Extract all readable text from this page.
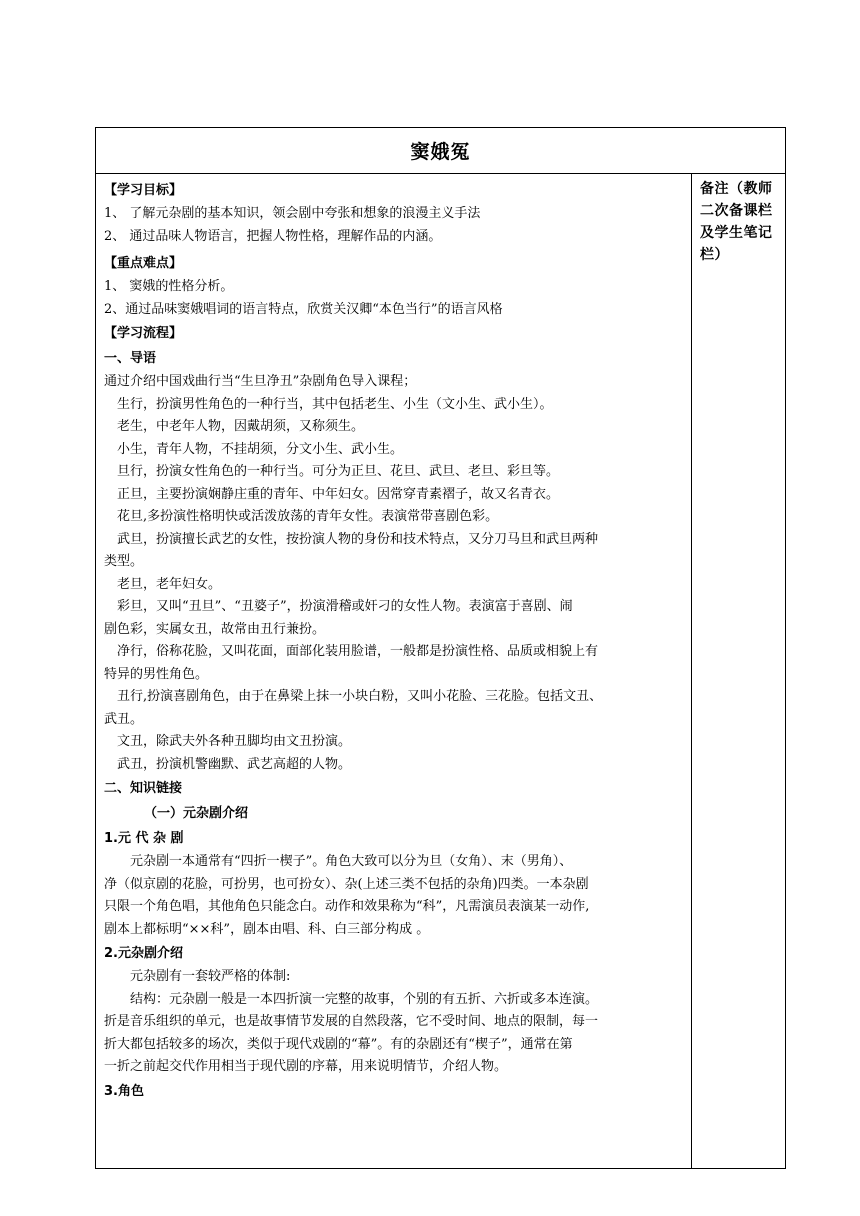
窦娥冤

【学习目标】

1、 了解元杂剧的基本知识，领会剧中夸张和想象的浪漫主义手法

2、 通过品味人物语言，把握人物性格，理解作品的内涵。

【重点难点】

1、 窦娥的性格分析。

2、通过品味窦娥唱词的语言特点，欣赏关汉卿“本色当行”的语言风格

【学习流程】

一、导语

通过介绍中国戏曲行当“生旦净丑”杂剧角色导入课程；

生行，扮演男性角色的一种行当，其中包括老生、小生（文小生、武小生）。

老生，中老年人物，因戴胡须，又称须生。

小生，青年人物，不挂胡须，分文小生、武小生。

旦行，扮演女性角色的一种行当。可分为正旦、花旦、武旦、老旦、彩旦等。

正旦，主要扮演娴静庄重的青年、中年妇女。因常穿青素褶子，故又名青衣。

花旦,多扮演性格明快或活泼放荡的青年女性。表演常带喜剧色彩。

武旦，扮演擅长武艺的女性，按扮演人物的身份和技术特点，又分刀马旦和武旦两种

类型。

老旦，老年妇女。

彩旦，又叫“丑旦”、“丑婆子”，扮演滑稽或奸刁的女性人物。表演富于喜剧、闹

剧色彩，实属女丑，故常由丑行兼扮。

净行，俗称花脸，又叫花面，面部化装用脸谱，一般都是扮演性格、品质或相貌上有

特异的男性角色。

丑行,扮演喜剧角色，由于在鼻梁上抹一小块白粉，又叫小花脸、三花脸。包括文丑、

武丑。

文丑，除武夫外各种丑脚均由文丑扮演。

武丑，扮演机警幽默、武艺高超的人物。

二、知识链接

（一）元杂剧介绍

1.元 代 杂 剧

元杂剧一本通常有“四折一楔子”。角色大致可以分为旦（女角）、末（男角）、

净（似京剧的花脸，可扮男，也可扮女）、杂(上述三类不包括的杂角)四类。一本杂剧

只限一个角色唱，其他角色只能念白。动作和效果称为“科”，凡需演员表演某一动作,

剧本上都标明“××科”，剧本由唱、科、白三部分构成 。

2.元杂剧介绍

元杂剧有一套较严格的体制:

结构：元杂剧一般是一本四折演一完整的故事，个别的有五折、六折或多本连演。

折是音乐组织的单元，也是故事情节发展的自然段落，它不受时间、地点的限制，每一

折大都包括较多的场次，类似于现代戏剧的“幕”。有的杂剧还有“楔子”，通常在第

一折之前起交代作用相当于现代剧的序幕，用来说明情节，介绍人物。

3.角色

备注（教师

二次备课栏

及学生笔记

栏）
